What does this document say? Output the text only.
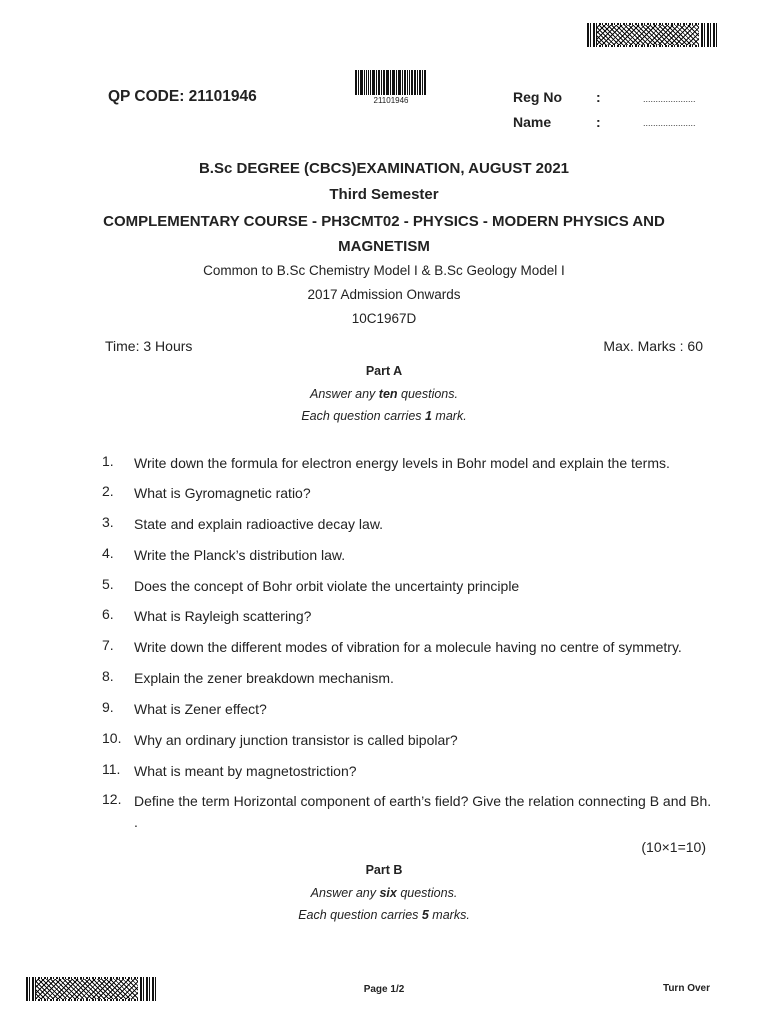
QP CODE: 21101946	21101946	Reg No :	.....................
Name	:	.....................
B.Sc DEGREE (CBCS)EXAMINATION, AUGUST 2021
Third Semester
COMPLEMENTARY COURSE - PH3CMT02 - PHYSICS - MODERN PHYSICS AND
MAGNETISM
Common to B.Sc Chemistry Model I & B.Sc Geology Model I
2017 Admission Onwards
10C1967D
Time: 3 Hours	Max. Marks : 60
Part A
Answer any ten questions.
Each question carries 1 mark.
1.	Write down the formula for electron energy levels in Bohr model and explain the terms.
2.	What is Gyromagnetic ratio?
3.	State and explain radioactive decay law.
4.	Write the Planck’s distribution law.
5.	Does the concept of Bohr orbit violate the uncertainty principle
6.	What is Rayleigh scattering?
7.	Write down the different modes of vibration for a molecule having no centre of symmetry.
8.	Explain the zener breakdown mechanism.
9.	What is Zener effect?
10. Why an ordinary junction transistor is called bipolar?
11. What is meant by magnetostriction?
12. Define the term Horizontal component of earth’s field? Give the relation connecting B and Bh. .
(10×1=10)
Part B
Answer any six questions.
Each question carries 5 marks.
Page 1/2	Turn Over
